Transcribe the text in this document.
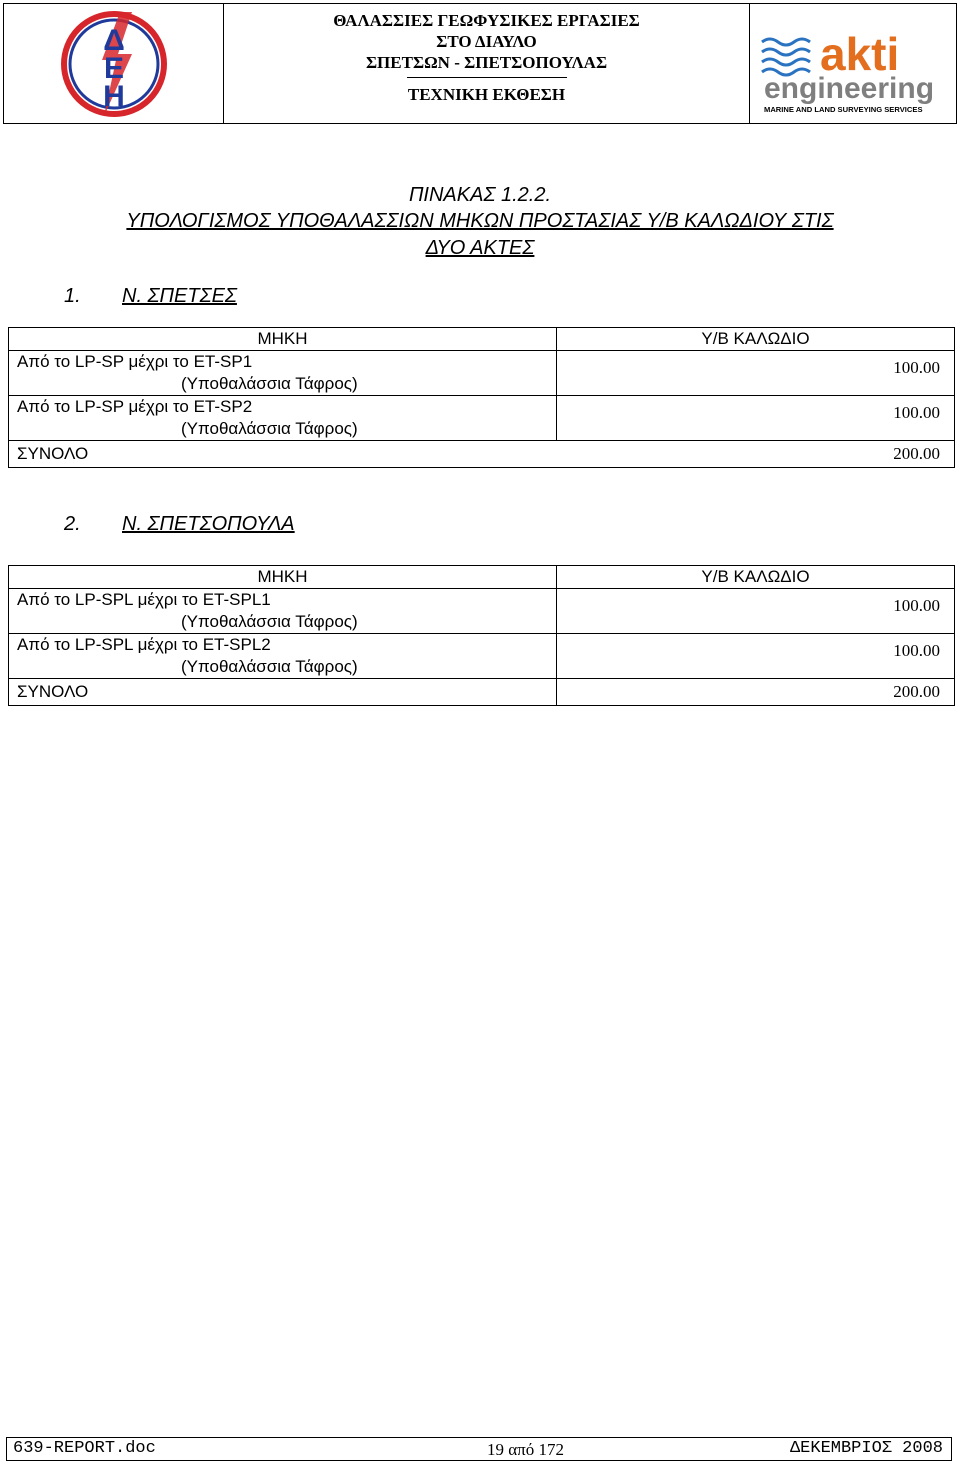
Δ
Ε
Η
ΘΑΛΑΣΣΙΕΣ ΓΕΩΦΥΣΙΚΕΣ ΕΡΓΑΣΙΕΣ
ΣΤΟ ΔΙΑΥΛΟ
ΣΠΕΤΣΩΝ - ΣΠΕΤΣΟΠΟΥΛΑΣ
ΤΕΧΝΙΚΗ ΕΚΘΕΣΗ
akti
engineering
MARINE AND LAND SURVEYING SERVICES
ΠΙΝΑΚΑΣ 1.2.2.
ΥΠΟΛΟΓΙΣΜΟΣ ΥΠΟΘΑΛΑΣΣΙΩΝ ΜΗΚΩΝ ΠΡΟΣΤΑΣΙΑΣ Υ/Β ΚΑΛΩΔΙΟΥ ΣΤΙΣ
ΔΥΟ ΑΚΤΕΣ
1. Ν. ΣΠΕΤΣΕΣ
ΜΗΚΗ	Υ/Β ΚΑΛΩΔΙΟ

Από το LP-SP μέχρι το ET-SP1
(Υποθαλάσσια Τάφρος)	100.00

Από το LP-SP μέχρι το ET-SP2
(Υποθαλάσσια Τάφρος)	100.00
ΣΥΝΟΛΟ	200.00
2. Ν. ΣΠΕΤΣΟΠΟΥΛΑ
ΜΗΚΗ	Υ/Β ΚΑΛΩΔΙΟ

Από το LP-SPL μέχρι το ET-SPL1
(Υποθαλάσσια Τάφρος)	100.00

Από το LP-SPL μέχρι το ET-SPL2
(Υποθαλάσσια Τάφρος)	100.00
ΣΥΝΟΛΟ	200.00
639-REPORT.doc	19 από 172	ΔΕΚΕΜΒΡΙΟΣ 2008
